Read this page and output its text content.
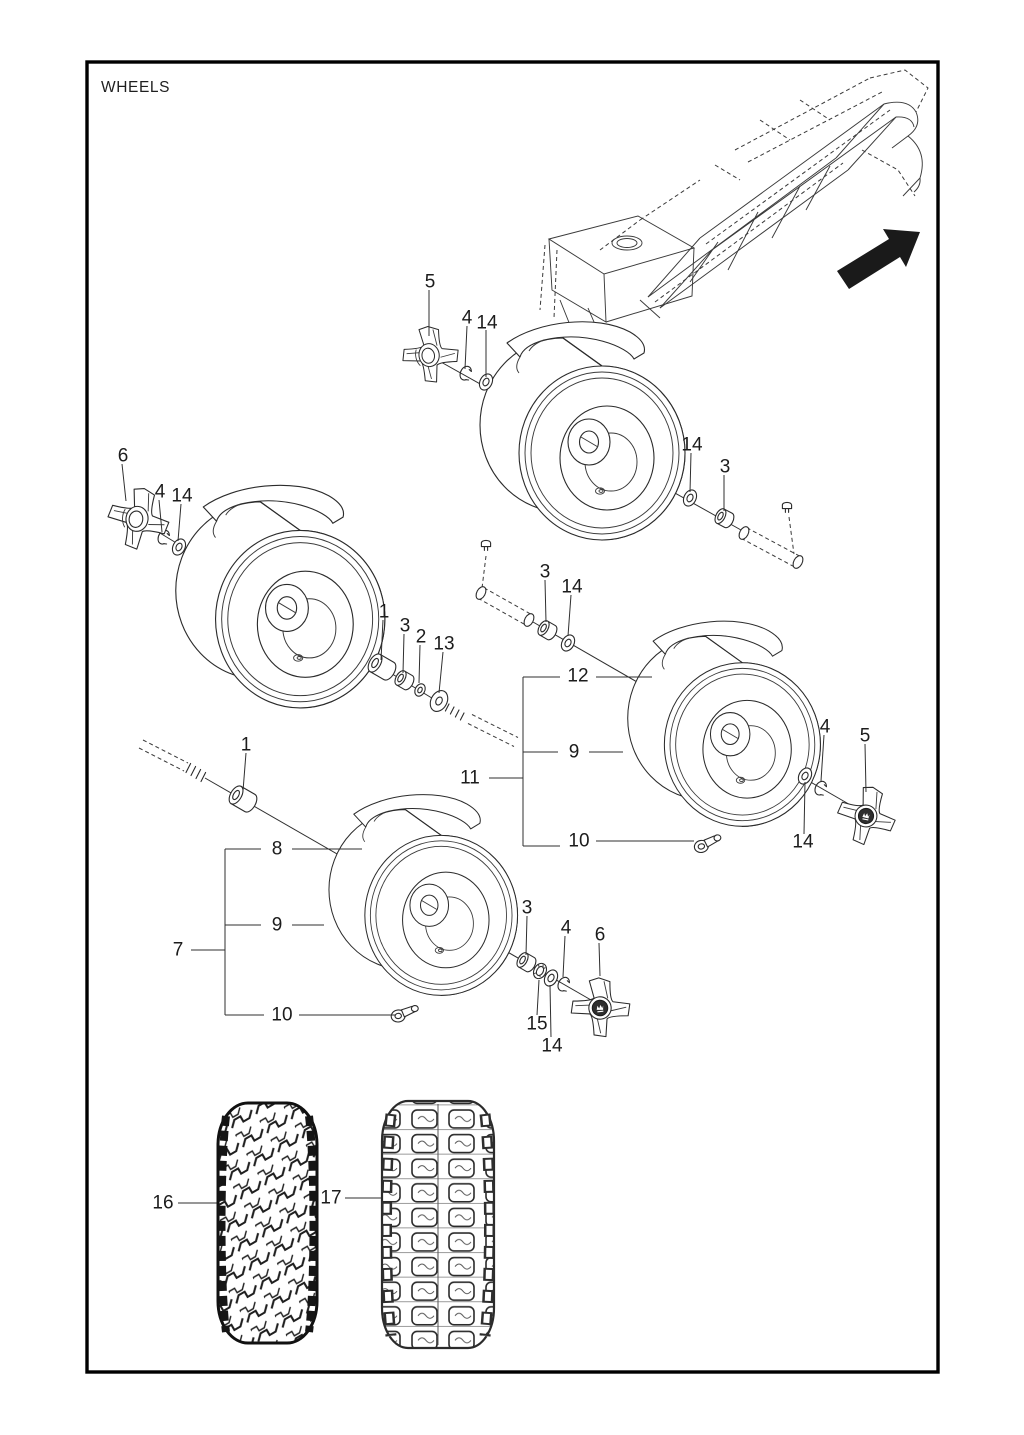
WHEELS
5
4 14
14
3
6
4 14
1
3
2 13
3
14
12
9
11
10
4 5
14
1
8
9
7
10
3
4 6
15
14
16	17
